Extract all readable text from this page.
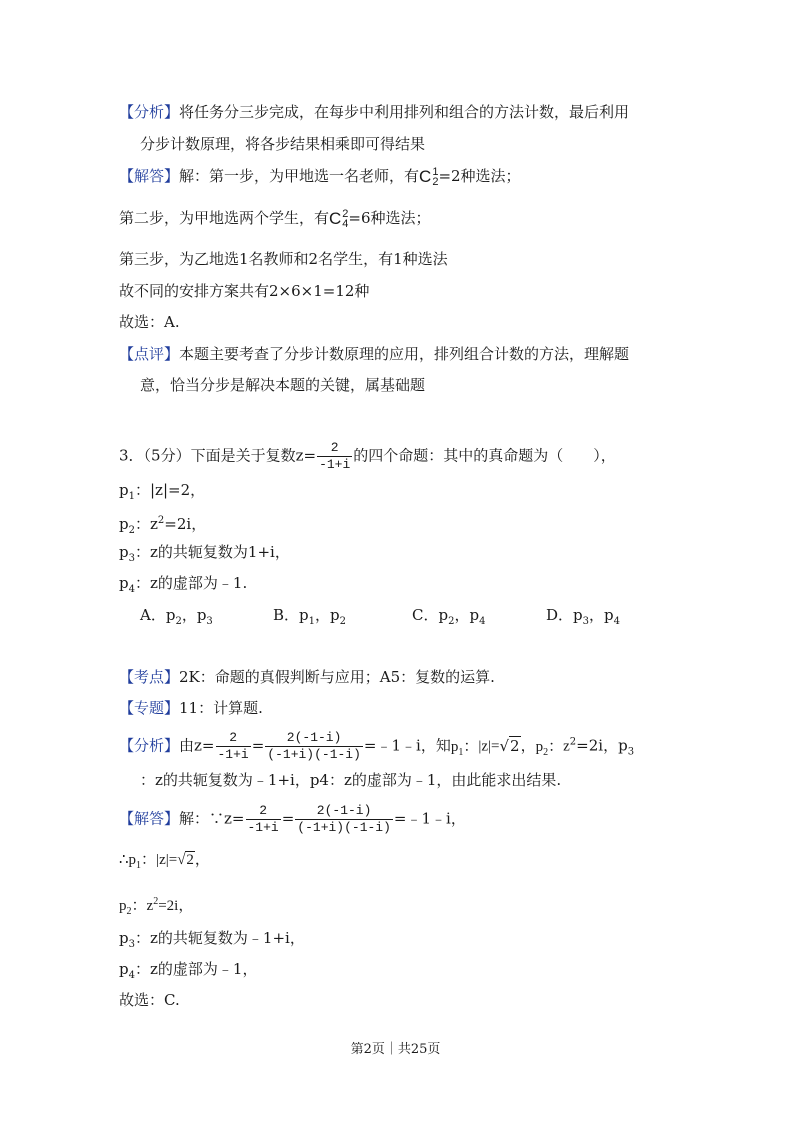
【分析】将任务分三步完成，在每步中利用排列和组合的方法计数，最后利用
分步计数原理，将各步结果相乘即可得结果
【解答】解：第一步，为甲地选一名老师，有 C 1
2 =2种选法；
第二步，为甲地选两个学生，有 C 2
4 =6种选法；
第三步，为乙地选1名教师和2名学生，有1种选法
故不同的安排方案共有2×6×1=12种
故选：A.
【点评】本题主要考查了分步计数原理的应用，排列组合计数的方法，理解题
意，恰当分步是解决本题的关键，属基础题
3．（5分）下面是关于复数$z= \frac{2}{-1+i}$ 的四个命题：其中的真命题为（　　），
$p_1$：|z|=2，
$p_2$：$z^2=2i$，
$p_3$：z的共轭复数为1+i，
$p_4$：z的虚部为﹣1.
A．$p_2$，$p_3$	B．$p_1$，$p_2$	C．$p_2$，$p_4$	D．$p_3$，$p_4$
【考点】2K：命题的真假判断与应用；A5：复数的运算.
【专题】11：计算题.
【分析】由$z= \frac{2}{-1+i} = \frac{2(-1-i)}{(-1+i)(-1-i)}$ =﹣1﹣i，知$p_1$：|z|=√2，$p_2$：$z^2=2i$，$p_3$
：z的共轭复数为﹣1+i，p4：z的虚部为﹣1，由此能求出结果.
【解答】解：∵z= $\frac{2}{-1+i} = \frac{2(-1-i)}{(-1+i)(-1-i)}$ =﹣1﹣i，
$\therefore p_1$：|z|=√2，
$p_2$：$z^2=2i$，
$p_3$：z的共轭复数为﹣1+i，
$p_4$：z的虚部为﹣1，
故选：C.
第2页｜共25页
